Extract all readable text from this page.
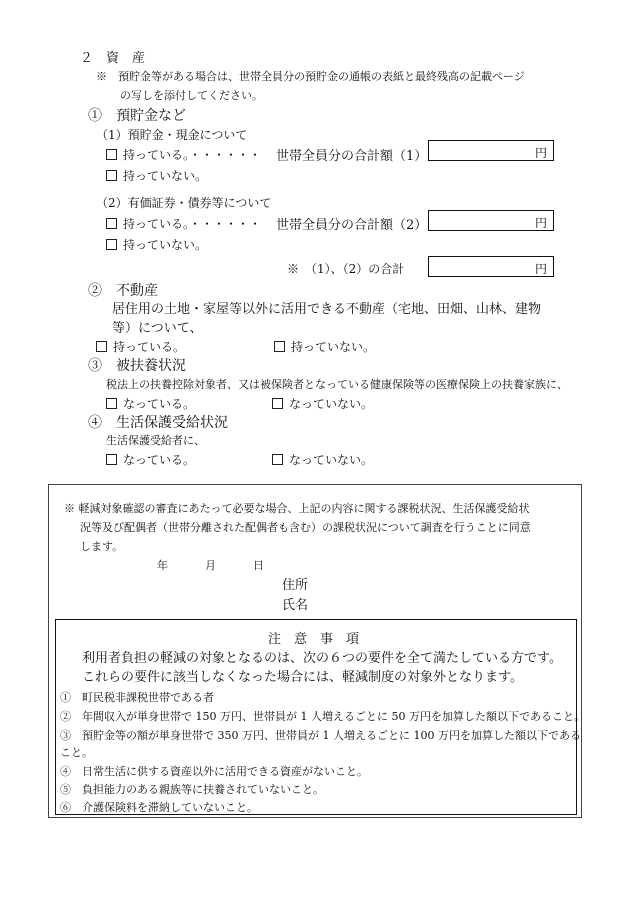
２　資　産
※　預貯金等がある場合は、世帯全員分の預貯金の通帳の表紙と最終残高の記載ページ
の写しを添付してください。
①　預貯金など
（1）預貯金・現金について
持っている。・・・・・・ 世帯全員分の合計額（1）	円
持っていない。
（2）有価証券・債券等について
持っている。・・・・・・ 世帯全員分の合計額（2）	円
持っていない。
※　（1）、（2）の合計	円
②　不動産
居住用の土地・家屋等以外に活用できる不動産（宅地、田畑、山林、建物
等）について、
持っている。	持っていない。
③　被扶養状況
税法上の扶養控除対象者、又は被保険者となっている健康保険等の医療保険上の扶養家族に、
なっている。	なっていない。
④　生活保護受給状況
生活保護受給者に、
なっている。	なっていない。
※ 軽減対象確認の審査にあたって必要な場合、上記の内容に関する課税状況、生活保護受給状
況等及び配偶者（世帯分離された配偶者も含む）の課税状況について調査を行うことに同意
します。
年	月	日
住所
氏名
注　意　事　項
利用者負担の軽減の対象となるのは、次の６つの要件を全て満たしている方です。
これらの要件に該当しなくなった場合には、軽減制度の対象外となります。
①　町民税非課税世帯である者
②　年間収入が単身世帯で 150 万円、世帯員が 1 人増えるごとに 50 万円を加算した額以下であること。
③　預貯金等の額が単身世帯で 350 万円、世帯員が 1 人増えるごとに 100 万円を加算した額以下である
こと。
④　日常生活に供する資産以外に活用できる資産がないこと。
⑤　負担能力のある親族等に扶養されていないこと。
⑥　介護保険料を滞納していないこと。
